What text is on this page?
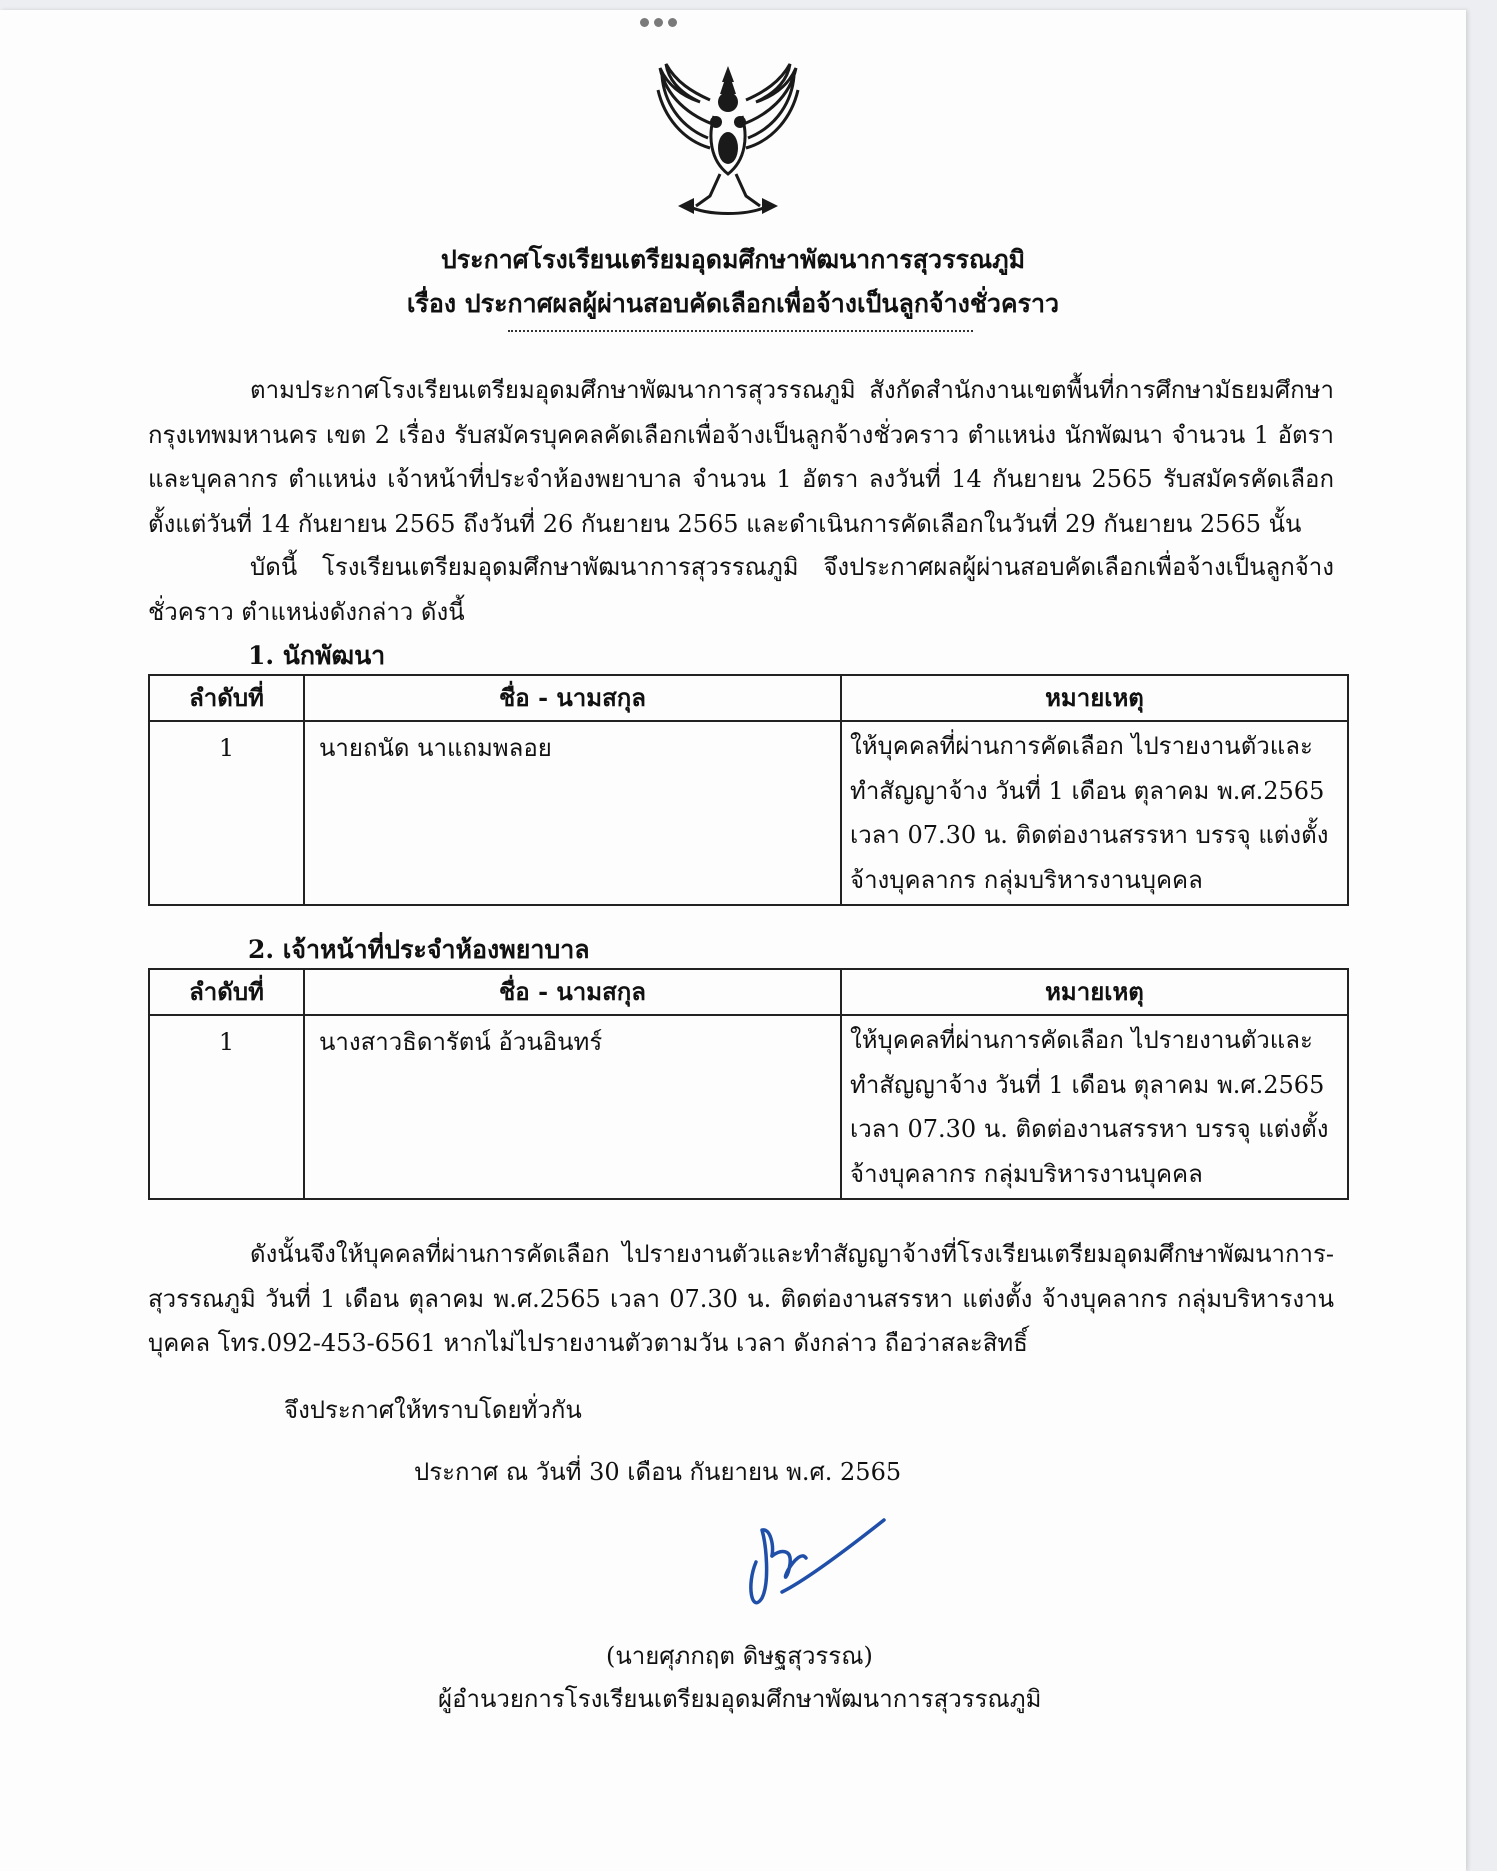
ประกาศโรงเรียนเตรียมอุดมศึกษาพัฒนาการสุวรรณภูมิ
เรื่อง ประกาศผลผู้ผ่านสอบคัดเลือกเพื่อจ้างเป็นลูกจ้างชั่วคราว
ตามประกาศโรงเรียนเตรียมอุดมศึกษาพัฒนาการสุวรรณภูมิ สังกัดสำนักงานเขตพื้นที่การศึกษามัธยมศึกษากรุงเทพมหานคร เขต 2 เรื่อง รับสมัครบุคคลคัดเลือกเพื่อจ้างเป็นลูกจ้างชั่วคราว ตำแหน่ง นักพัฒนา จำนวน 1 อัตรา และบุคลากร ตำแหน่ง เจ้าหน้าที่ประจำห้องพยาบาล จำนวน 1 อัตรา ลงวันที่ 14 กันยายน 2565 รับสมัครคัดเลือกตั้งแต่วันที่ 14 กันยายน 2565 ถึงวันที่ 26 กันยายน 2565 และดำเนินการคัดเลือกในวันที่ 29 กันยายน 2565 นั้น
บัดนี้ โรงเรียนเตรียมอุดมศึกษาพัฒนาการสุวรรณภูมิ จึงประกาศผลผู้ผ่านสอบคัดเลือกเพื่อจ้างเป็นลูกจ้างชั่วคราว ตำแหน่งดังกล่าว ดังนี้
1. นักพัฒนา
ลำดับที่	ชื่อ - นามสกุล	หมายเหตุ
1	นายถนัด นาแถมพลอย	ให้บุคคลที่ผ่านการคัดเลือก ไปรายงานตัวและทำสัญญาจ้าง วันที่ 1 เดือน ตุลาคม พ.ศ.2565 เวลา 07.30 น. ติดต่องานสรรหา บรรจุ แต่งตั้ง จ้างบุคลากร กลุ่มบริหารงานบุคคล
2. เจ้าหน้าที่ประจำห้องพยาบาล
ลำดับที่	ชื่อ - นามสกุล	หมายเหตุ
1	นางสาวธิดารัตน์ อ้วนอินทร์	ให้บุคคลที่ผ่านการคัดเลือก ไปรายงานตัวและทำสัญญาจ้าง วันที่ 1 เดือน ตุลาคม พ.ศ.2565 เวลา 07.30 น. ติดต่องานสรรหา บรรจุ แต่งตั้ง จ้างบุคลากร กลุ่มบริหารงานบุคคล
ดังนั้นจึงให้บุคคลที่ผ่านการคัดเลือก ไปรายงานตัวและทำสัญญาจ้างที่โรงเรียนเตรียมอุดมศึกษาพัฒนาการ-สุวรรณภูมิ วันที่ 1 เดือน ตุลาคม พ.ศ.2565 เวลา 07.30 น. ติดต่องานสรรหา แต่งตั้ง จ้างบุคลากร กลุ่มบริหารงานบุคคล โทร.092-453-6561 หากไม่ไปรายงานตัวตามวัน เวลา ดังกล่าว ถือว่าสละสิทธิ์
จึงประกาศให้ทราบโดยทั่วกัน
ประกาศ ณ วันที่ 30 เดือน กันยายน พ.ศ. 2565
(นายศุภกฤต ดิษฐสุวรรณ)
ผู้อำนวยการโรงเรียนเตรียมอุดมศึกษาพัฒนาการสุวรรณภูมิ
